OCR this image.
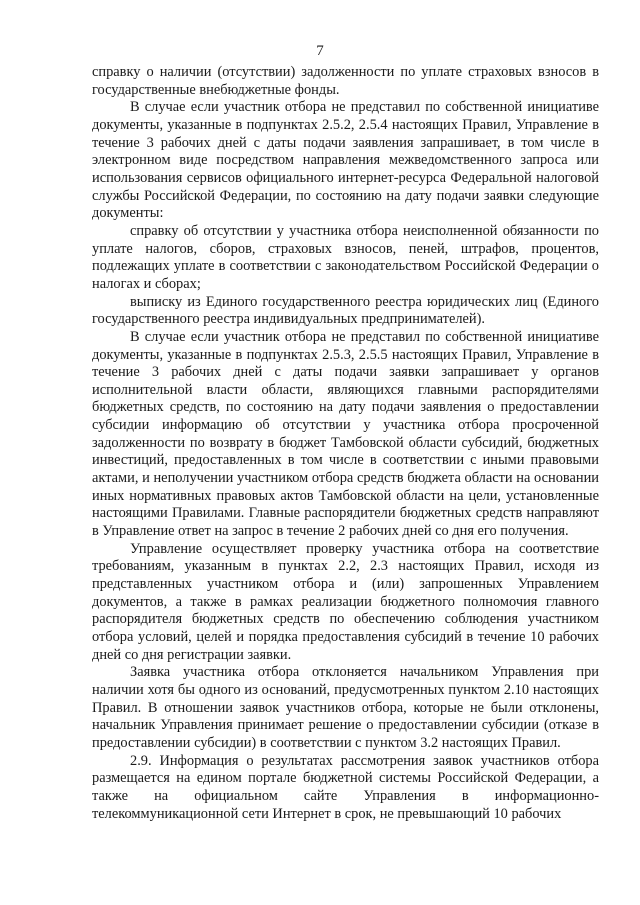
7

справку о наличии (отсутствии) задолженности по уплате страховых взносов в государственные внебюджетные фонды.

В случае если участник отбора не представил по собственной инициативе документы, указанные в подпунктах 2.5.2, 2.5.4 настоящих Правил, Управление в течение 3 рабочих дней с даты подачи заявления запрашивает, в том числе в электронном виде посредством направления межведомственного запроса или использования сервисов официального интернет-ресурса Федеральной налоговой службы Российской Федерации, по состоянию на дату подачи заявки следующие документы:

справку об отсутствии у участника отбора неисполненной обязанности по уплате налогов, сборов, страховых взносов, пеней, штрафов, процентов, подлежащих уплате в соответствии с законодательством Российской Федерации о налогах и сборах;

выписку из Единого государственного реестра юридических лиц (Единого государственного реестра индивидуальных предпринимателей).

В случае если участник отбора не представил по собственной инициативе документы, указанные в подпунктах 2.5.3, 2.5.5 настоящих Правил, Управление в течение 3 рабочих дней с даты подачи заявки запрашивает у органов исполнительной власти области, являющихся главными распорядителями бюджетных средств, по состоянию на дату подачи заявления о предоставлении субсидии информацию об отсутствии у участника отбора просроченной задолженности по возврату в бюджет Тамбовской области субсидий, бюджетных инвестиций, предоставленных в том числе в соответствии с иными правовыми актами, и неполучении участником отбора средств бюджета области на основании иных нормативных правовых актов Тамбовской области на цели, установленные настоящими Правилами. Главные распорядители бюджетных средств направляют в Управление ответ на запрос в течение 2 рабочих дней со дня его получения.

Управление осуществляет проверку участника отбора на соответствие требованиям, указанным в пунктах 2.2, 2.3 настоящих Правил, исходя из представленных участником отбора и (или) запрошенных Управлением документов, а также в рамках реализации бюджетного полномочия главного распорядителя бюджетных средств по обеспечению соблюдения участником отбора условий, целей и порядка предоставления субсидий в течение 10 рабочих дней со дня регистрации заявки.

Заявка участника отбора отклоняется начальником Управления при наличии хотя бы одного из оснований, предусмотренных пунктом 2.10 настоящих Правил. В отношении заявок участников отбора, которые не были отклонены, начальник Управления принимает решение о предоставлении субсидии (отказе в предоставлении субсидии) в соответствии с пунктом 3.2 настоящих Правил.

2.9. Информация о результатах рассмотрения заявок участников отбора размещается на едином портале бюджетной системы Российской Федерации, а также на официальном сайте Управления в информационно-телекоммуникационной сети Интернет в срок, не превышающий 10 рабочих
